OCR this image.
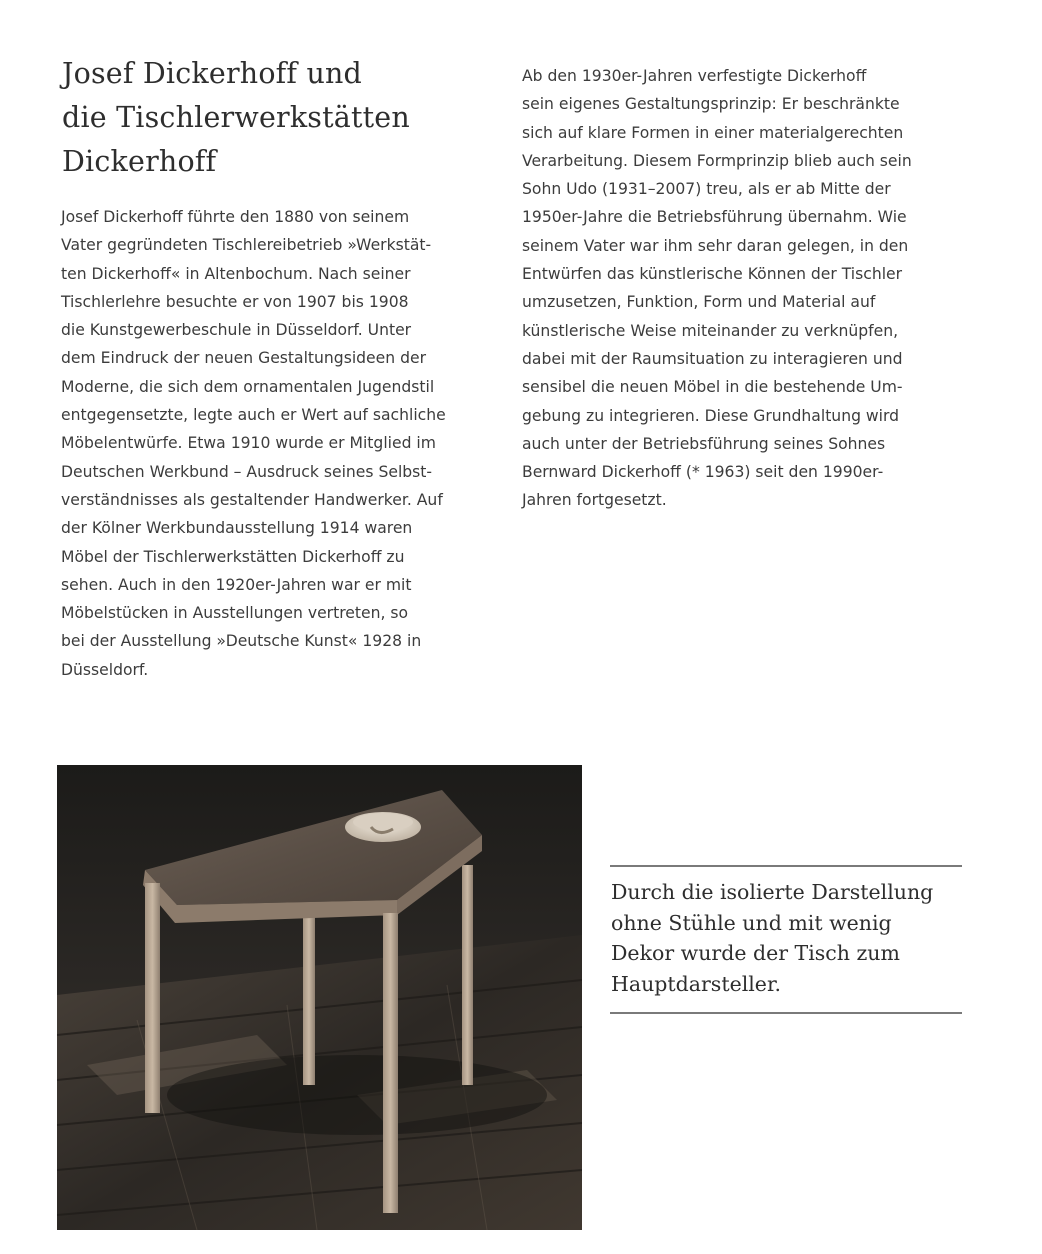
Josef Dickerhoff und
die Tischlerwerkstätten
Dickerhoff

Josef Dickerhoff führte den 1880 von seinem
Vater gegründeten Tischlereibetrieb »Werkstät-
ten Dickerhoff« in Altenbochum. Nach seiner
Tischlerlehre besuchte er von 1907 bis 1908
die Kunstgewerbeschule in Düsseldorf. Unter
dem Eindruck der neuen Gestaltungsideen der
Moderne, die sich dem ornamentalen Jugendstil
entgegensetzte, legte auch er Wert auf sachliche
Möbelentwürfe. Etwa 1910 wurde er Mitglied im
Deutschen Werkbund – Ausdruck seines Selbst-
verständnisses als gestaltender Handwerker. Auf
der Kölner Werkbundausstellung 1914 waren
Möbel der Tischlerwerkstätten Dickerhoff zu
sehen. Auch in den 1920er-Jahren war er mit
Möbelstücken in Ausstellungen vertreten, so
bei der Ausstellung »Deutsche Kunst« 1928 in
Düsseldorf.

Ab den 1930er-Jahren verfestigte Dickerhoff
sein eigenes Gestaltungsprinzip: Er beschränkte
sich auf klare Formen in einer materialgerechten
Verarbeitung. Diesem Formprinzip blieb auch sein
Sohn Udo (1931–2007) treu, als er ab Mitte der
1950er-Jahre die Betriebsführung übernahm. Wie
seinem Vater war ihm sehr daran gelegen, in den
Entwürfen das künstlerische Können der Tischler
umzusetzen, Funktion, Form und Material auf
künstlerische Weise miteinander zu verknüpfen,
dabei mit der Raumsituation zu interagieren und
sensibel die neuen Möbel in die bestehende Um-
gebung zu integrieren. Diese Grundhaltung wird
auch unter der Betriebsführung seines Sohnes
Bernward Dickerhoff (* 1963) seit den 1990er-
Jahren fortgesetzt.

Durch die isolierte Darstellung
ohne Stühle und mit wenig
Dekor wurde der Tisch zum
Hauptdarsteller.
